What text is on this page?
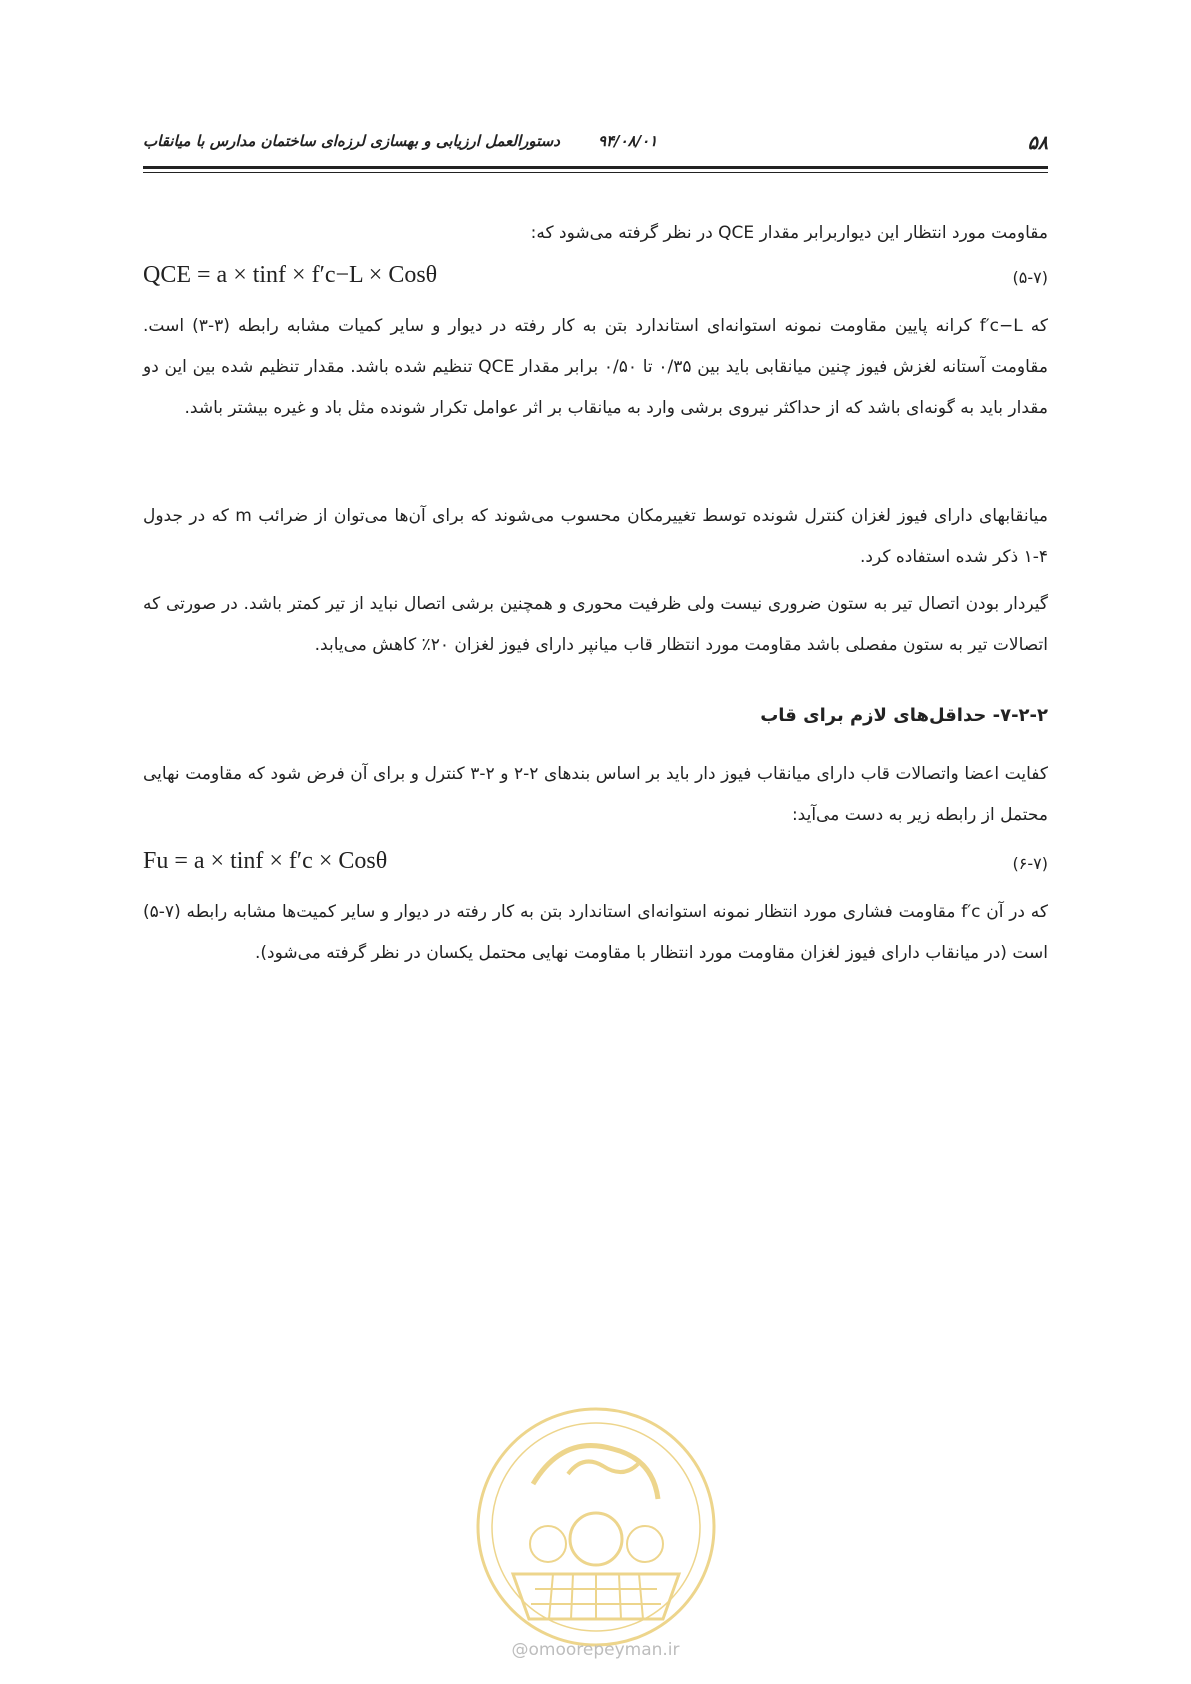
۵۸
۹۴/۰۸/۰۱
دستورالعمل ارزیابی و بهسازی لرزه‌ای ساختمان مدارس با میانقاب
مقاومت مورد انتظار این دیواربرابر مقدار QCE در نظر گرفته می‌شود که:
QCE = a × tinf × f′c−L × Cosθ	(۵-۷)
که f′c−L کرانه پایین مقاومت نمونه استوانه‌ای استاندارد بتن به کار رفته در دیوار و سایر کمیات مشابه رابطه (۳-۳) است. مقاومت آستانه لغزش فیوز چنین میانقابی باید بین ۰/۳۵ تا ۰/۵۰ برابر مقدار QCE تنظیم شده باشد. مقدار تنظیم شده بین این دو مقدار باید به گونه‌ای باشد که از حداکثر نیروی برشی وارد به میانقاب بر اثر عوامل تکرار شونده مثل باد و غیره بیشتر باشد.
میانقابهای دارای فیوز لغزان کنترل شونده توسط تغییرمکان محسوب می‌شوند که برای آن‌ها می‌توان از ضرائب m که در جدول ۴-۱ ذکر شده استفاده کرد.
گیردار بودن اتصال تیر به ستون ضروری نیست ولی ظرفیت محوری و همچنین برشی اتصال نباید از تیر کمتر باشد. در صورتی که اتصالات تیر به ستون مفصلی باشد مقاومت مورد انتظار قاب میانپر دارای فیوز لغزان ۲۰٪ کاهش می‌یابد.
۷-۲-۲- حداقل‌های لازم برای قاب
کفایت اعضا واتصالات قاب دارای میانقاب فیوز دار باید بر اساس بندهای ۲-۲ و ۲-۳ کنترل و برای آن فرض شود که مقاومت نهایی محتمل از رابطه زیر به دست می‌آید:
Fu = a × tinf × f′c × Cosθ	(۶-۷)
که در آن f′c مقاومت فشاری مورد انتظار نمونه استوانه‌ای استاندارد بتن به کار رفته در دیوار و سایر کمیت‌ها مشابه رابطه (۷-۵) است (در میانقاب دارای فیوز لغزان مقاومت مورد انتظار با مقاومت نهایی محتمل یکسان در نظر گرفته می‌شود).
@omoorepeyman.ir
